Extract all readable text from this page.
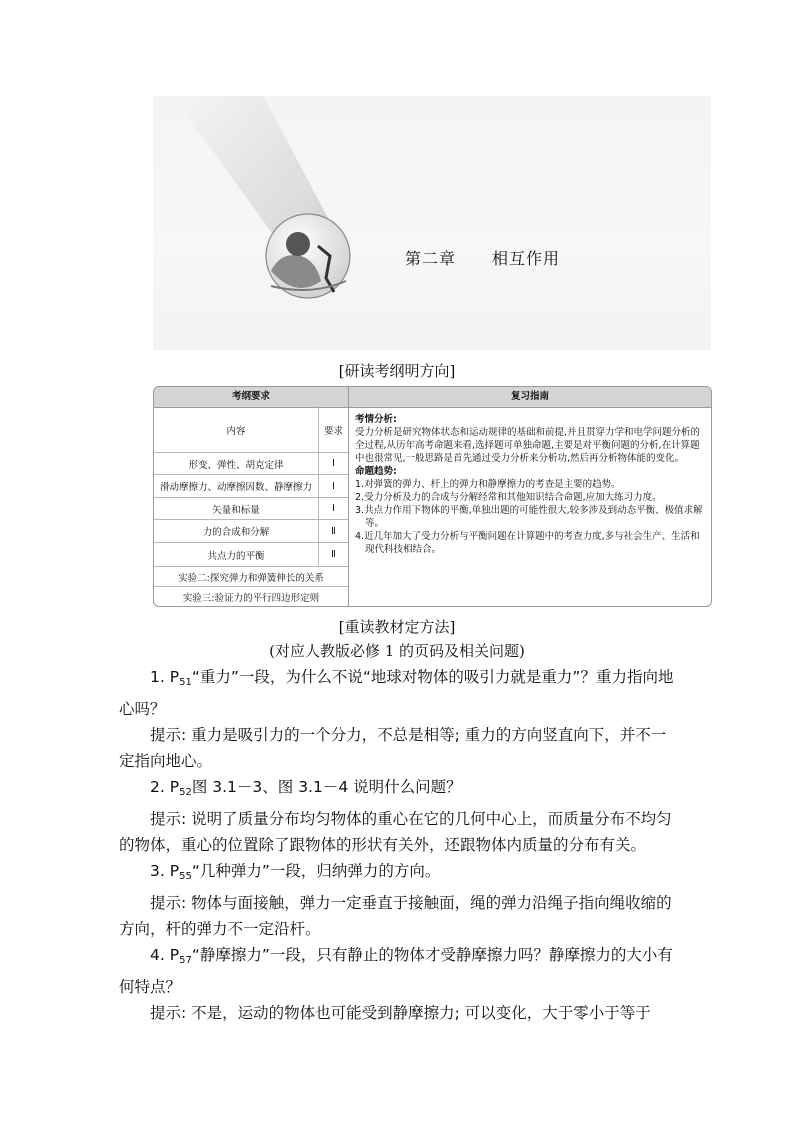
第二章 相互作用
[研读考纲明方向]
考纲要求	复习指南
内容	要求
形变、弹性、胡克定律	Ⅰ
滑动摩擦力、动摩擦因数、静摩擦力	Ⅰ
矢量和标量	Ⅰ
力的合成和分解	Ⅱ
共点力的平衡	Ⅱ
实验二:探究弹力和弹簧伸长的关系
实验三:验证力的平行四边形定则
考情分析:
受力分析是研究物体状态和运动规律的基础和前提,并且贯穿力学和电学问题分析的全过程,从历年高考命题来看,选择题可单独命题,主要是对平衡问题的分析,在计算题中也很常见,一般思路是首先通过受力分析来分析功,然后再分析物体能的变化。
命题趋势:
1.对弹簧的弹力、杆上的弹力和静摩擦力的考查是主要的趋势。
2.受力分析及力的合成与分解经常和其他知识结合命题,应加大练习力度。
3.共点力作用下物体的平衡,单独出题的可能性很大,较多涉及到动态平衡、极值求解等。
4.近几年加大了受力分析与平衡问题在计算题中的考查力度,多与社会生产、生活和现代科技相结合。
[重读教材定方法]
(对应人教版必修 1 的页码及相关问题)

1. $P_{51}“$重力”一段，为什么不说“地球对物体的吸引力就是重力”？重力指向地心吗？

提示: 重力是吸引力的一个分力，不总是相等; 重力的方向竖直向下，并不一定指向地心。

2. $P_{52}$图 3.1－3、图 3.1－4 说明什么问题？

提示: 说明了质量分布均匀物体的重心在它的几何中心上，而质量分布不均匀的物体，重心的位置除了跟物体的形状有关外，还跟物体内质量的分布有关。

3. $P_{55}“$几种弹力”一段，归纳弹力的方向。

提示: 物体与面接触，弹力一定垂直于接触面，绳的弹力沿绳子指向绳收缩的方向，杆的弹力不一定沿杆。

4. $P_{57}“$静摩擦力”一段，只有静止的物体才受静摩擦力吗？静摩擦力的大小有何特点？

提示: 不是，运动的物体也可能受到静摩擦力; 可以变化，大于零小于等于
